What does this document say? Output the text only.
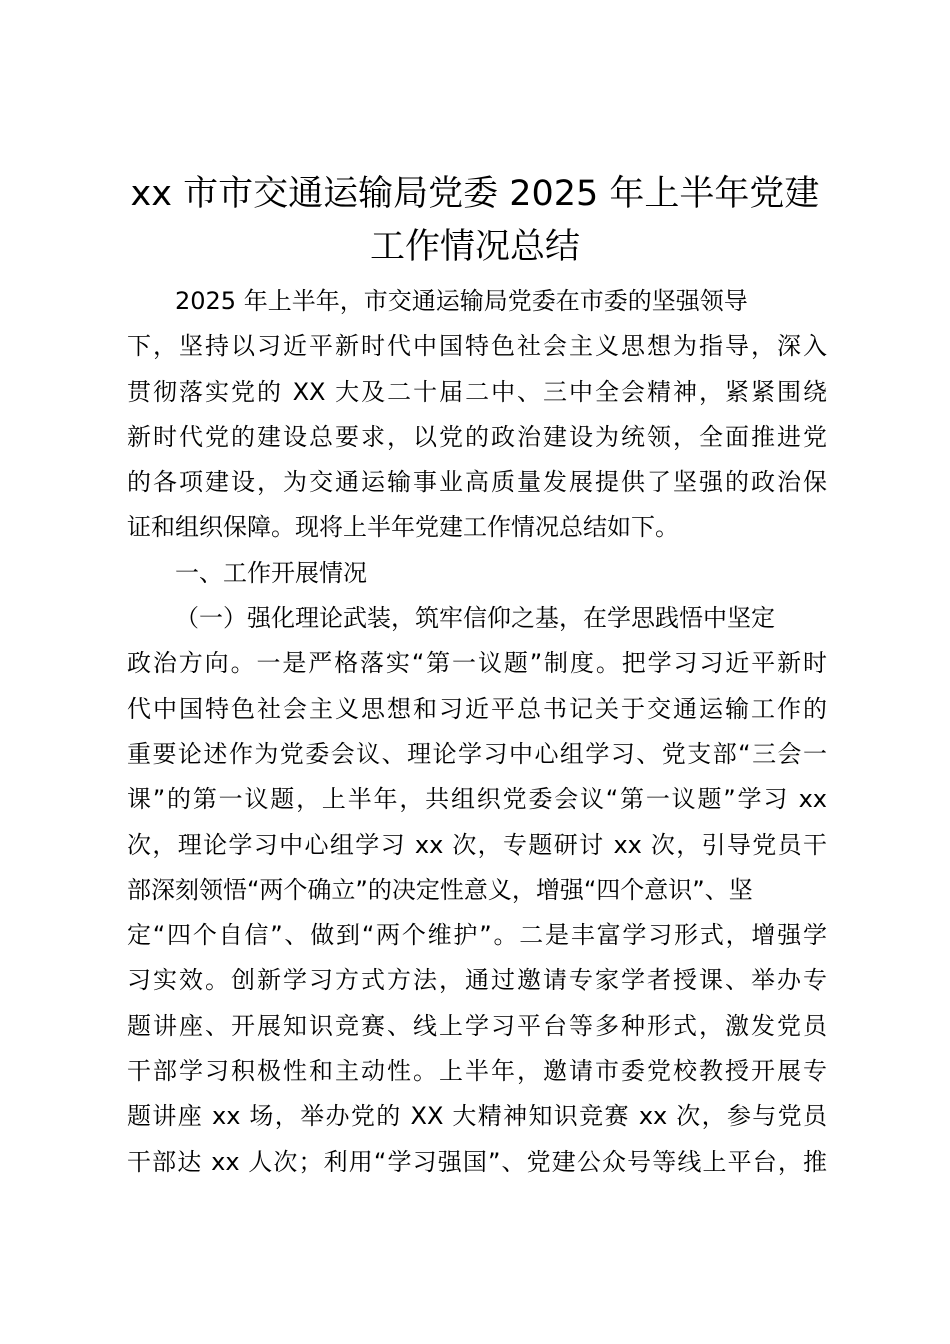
xx 市市交通运输局党委 2025 年上半年党建
工作情况总结
2025 年上半年，市交通运输局党委在市委的坚强领导
下，坚持以习近平新时代中国特色社会主义思想为指导，深入
贯彻落实党的 XX 大及二十届二中、三中全会精神，紧紧围绕
新时代党的建设总要求，以党的政治建设为统领，全面推进党
的各项建设，为交通运输事业高质量发展提供了坚强的政治保
证和组织保障。现将上半年党建工作情况总结如下。
一、工作开展情况
（一）强化理论武装，筑牢信仰之基，在学思践悟中坚定
政治方向。一是严格落实“第一议题”制度。把学习习近平新时
代中国特色社会主义思想和习近平总书记关于交通运输工作的
重要论述作为党委会议、理论学习中心组学习、党支部“三会一
课”的第一议题，上半年，共组织党委会议“第一议题”学习 xx
次，理论学习中心组学习 xx 次，专题研讨 xx 次，引导党员干
部深刻领悟“两个确立”的决定性意义，增强“四个意识”、坚
定“四个自信”、做到“两个维护”。二是丰富学习形式，增强学
习实效。创新学习方式方法，通过邀请专家学者授课、举办专
题讲座、开展知识竞赛、线上学习平台等多种形式，激发党员
干部学习积极性和主动性。上半年，邀请市委党校教授开展专
题讲座 xx 场，举办党的 XX 大精神知识竞赛 xx 次，参与党员
干部达 xx 人次；利用“学习强国”、党建公众号等线上平台，推
